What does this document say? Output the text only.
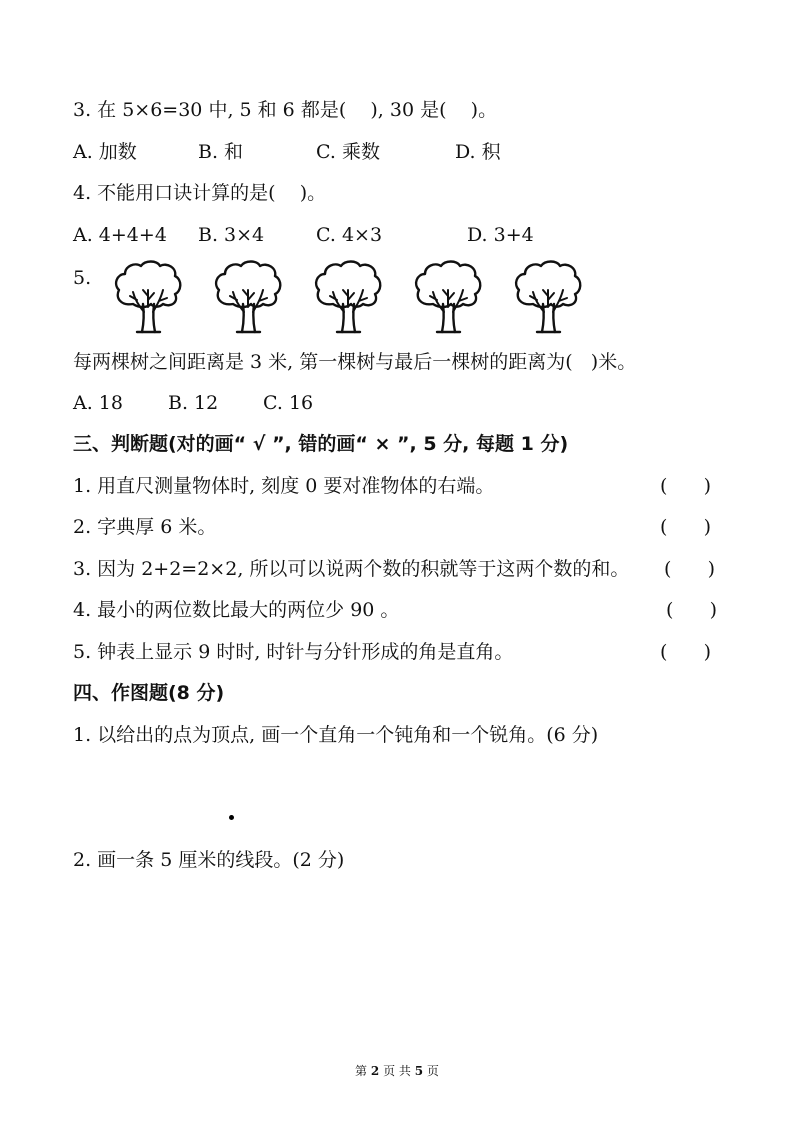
3. 在 5×6=30 中, 5 和 6 都是(    ), 30 是(    )。
A. 加数	B. 和	C. 乘数	D. 积
4. 不能用口诀计算的是(    )。
A. 4+4+4 B. 3×4	C. 4×3	D. 3+4
5.
每两棵树之间距离是 3 米, 第一棵树与最后一棵树的距离为(   )米。
A. 18 B. 12 C. 16
三、判断题(对的画“ √ ”, 错的画“ × ”, 5 分, 每题 1 分)
1. 用直尺测量物体时, 刻度 0 要对准物体的右端。	(      )
2. 字典厚 6 米。	(      )
3. 因为 2+2=2×2, 所以可以说两个数的积就等于这两个数的和。 (      )
4. 最小的两位数比最大的两位少 90 。	(      )
5. 钟表上显示 9 时时, 时针与分针形成的角是直角。	(      )
四、作图题(8 分)
1. 以给出的点为顶点, 画一个直角一个钝角和一个锐角。(6 分)
2. 画一条 5 厘米的线段。(2 分)
第 2 页 共 5 页
